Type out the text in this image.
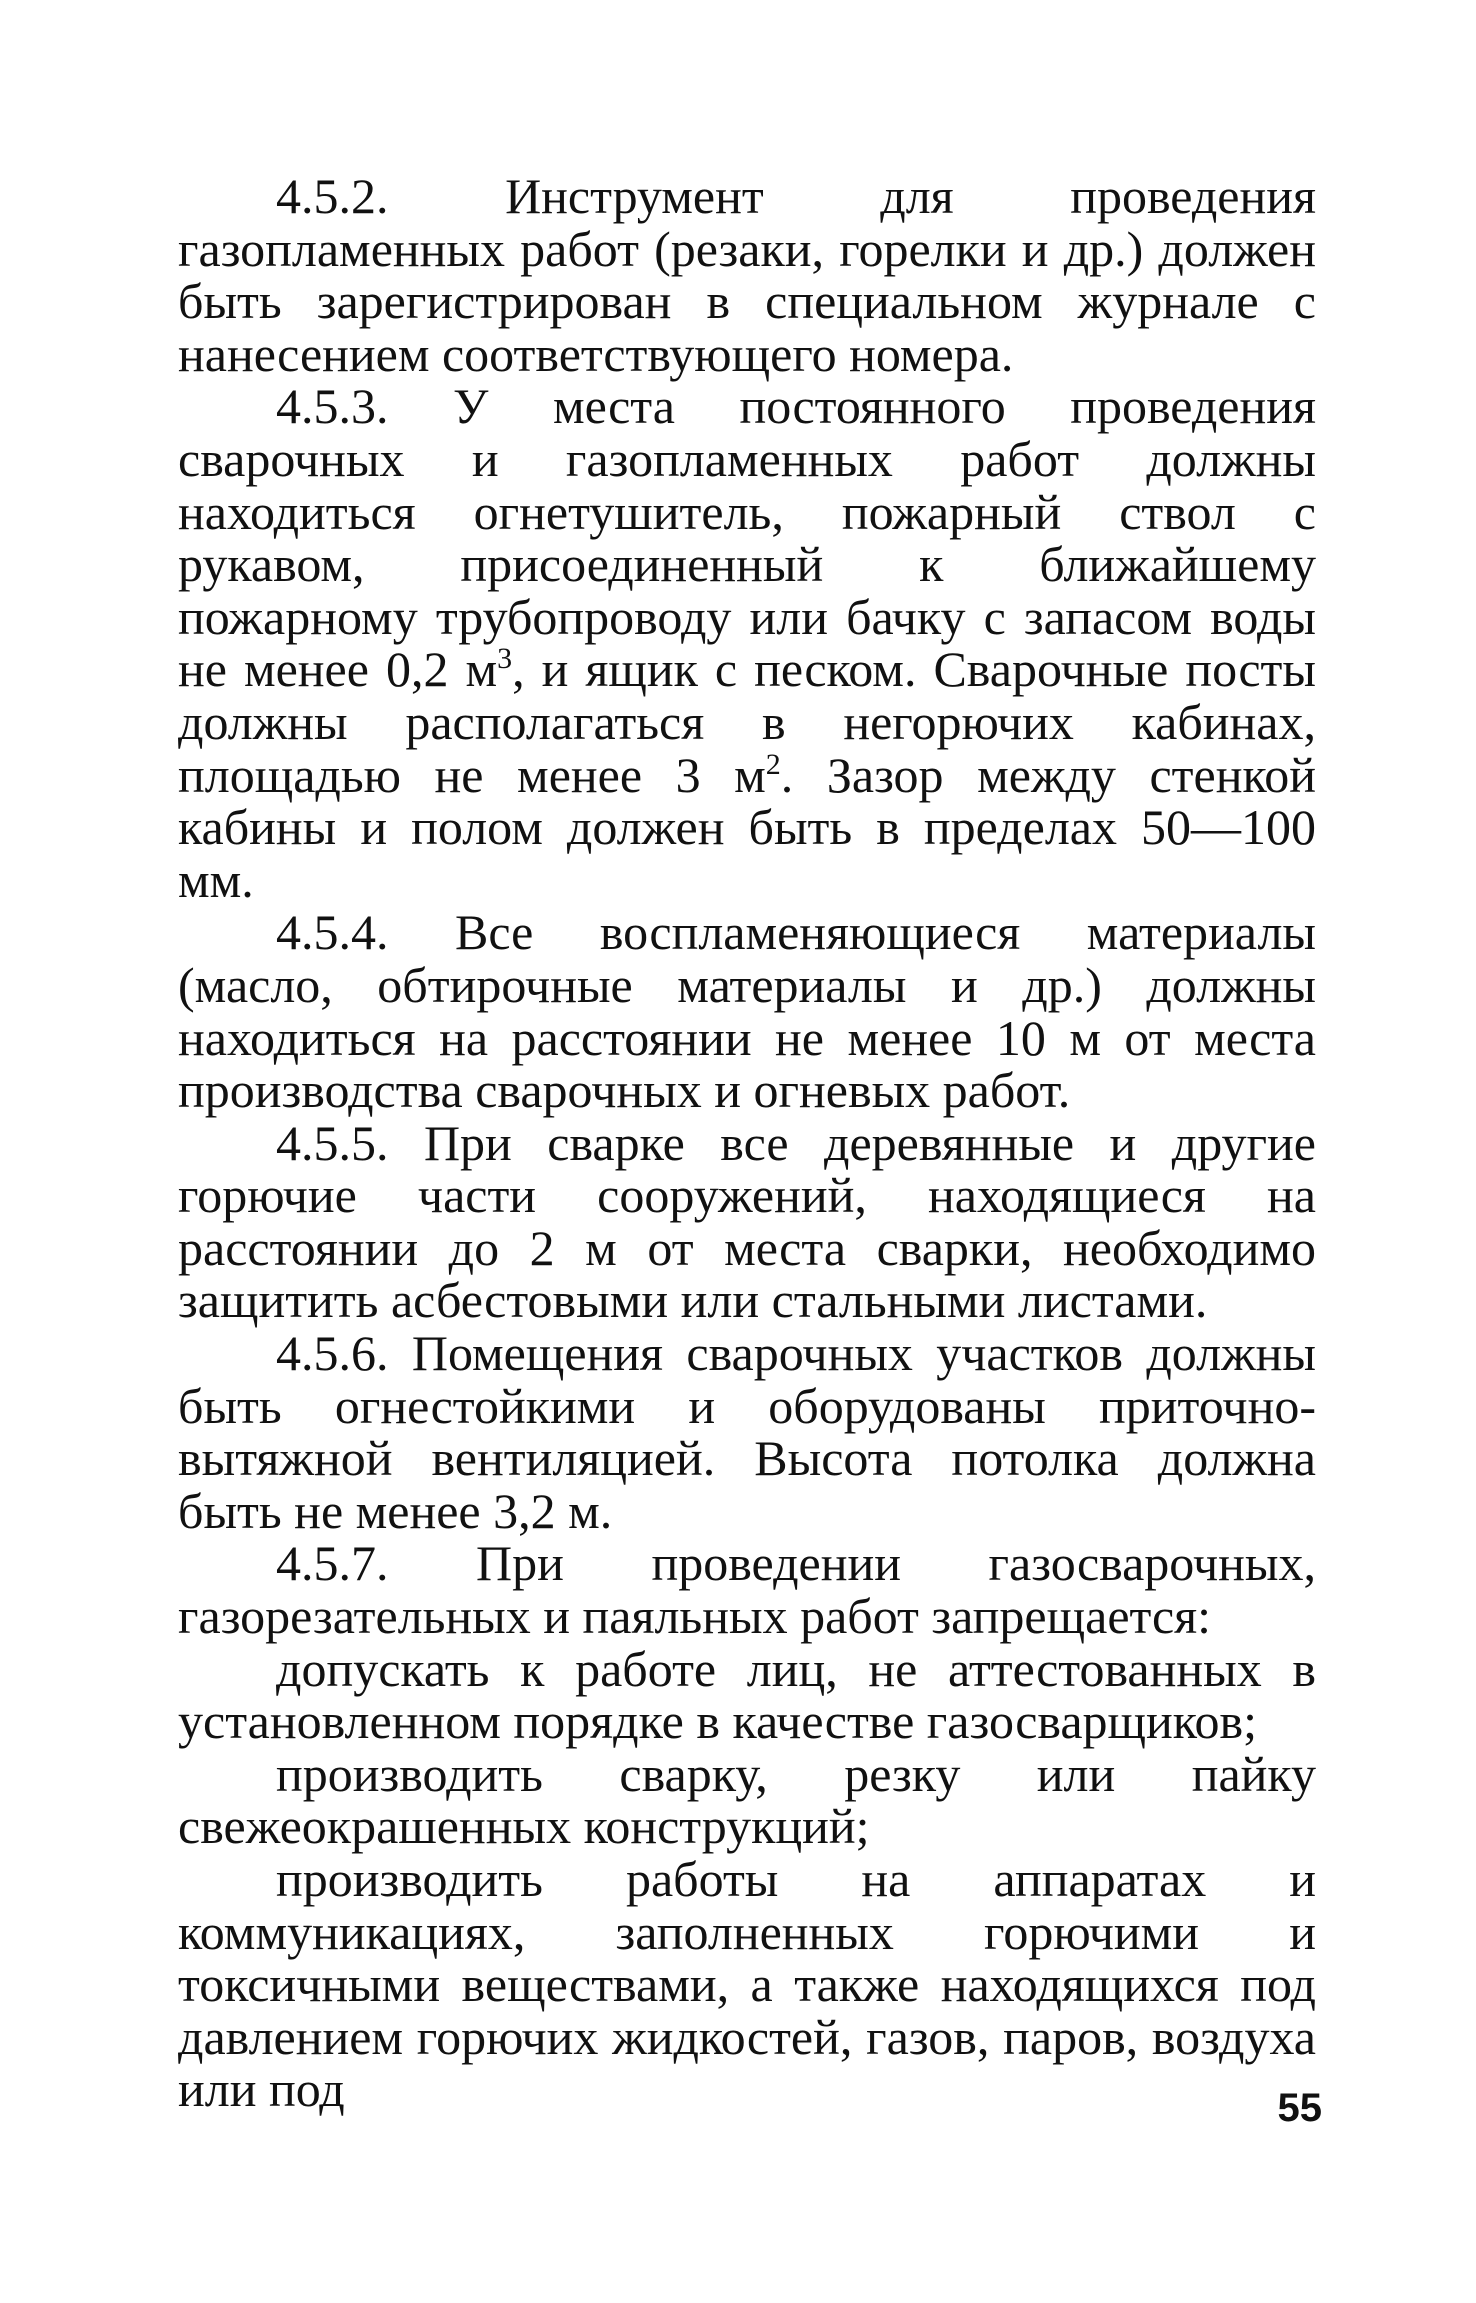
4.5.2. Инструмент для проведения газопламенных работ (резаки, горелки и др.) должен быть зарегистрирован в специальном журнале с нанесением соответствующего номера.

4.5.3. У места постоянного проведения сварочных и газопламенных работ должны находиться огнетушитель, пожарный ствол с рукавом, присоединенный к ближайшему пожарному трубопроводу или бачку с запасом воды не менее 0,2 $м^3$, и ящик с песком. Сварочные посты должны располагаться в негорючих кабинах, площадью не менее 3 $м^2$. Зазор между стенкой кабины и полом должен быть в пределах 50—100 мм.

4.5.4. Все воспламеняющиеся материалы (масло, обтирочные материалы и др.) должны находиться на расстоянии не менее 10 м от места производства сварочных и огневых работ.

4.5.5. При сварке все деревянные и другие горючие части сооружений, находящиеся на расстоянии до 2 м от места сварки, необходимо защитить асбестовыми или стальными листами.

4.5.6. Помещения сварочных участков должны быть огнестойкими и оборудованы приточно-вытяжной вентиляцией. Высота потолка должна быть не менее 3,2 м.

4.5.7. При проведении газосварочных, газорезательных и паяльных работ запрещается:

допускать к работе лиц, не аттестованных в установленном порядке в качестве газосварщиков;

производить сварку, резку или пайку свежеокрашенных конструкций;

производить работы на аппаратах и коммуникациях, заполненных горючими и токсичными веществами, а также находящихся под давлением горючих жидкостей, газов, паров, воздуха или под	55
